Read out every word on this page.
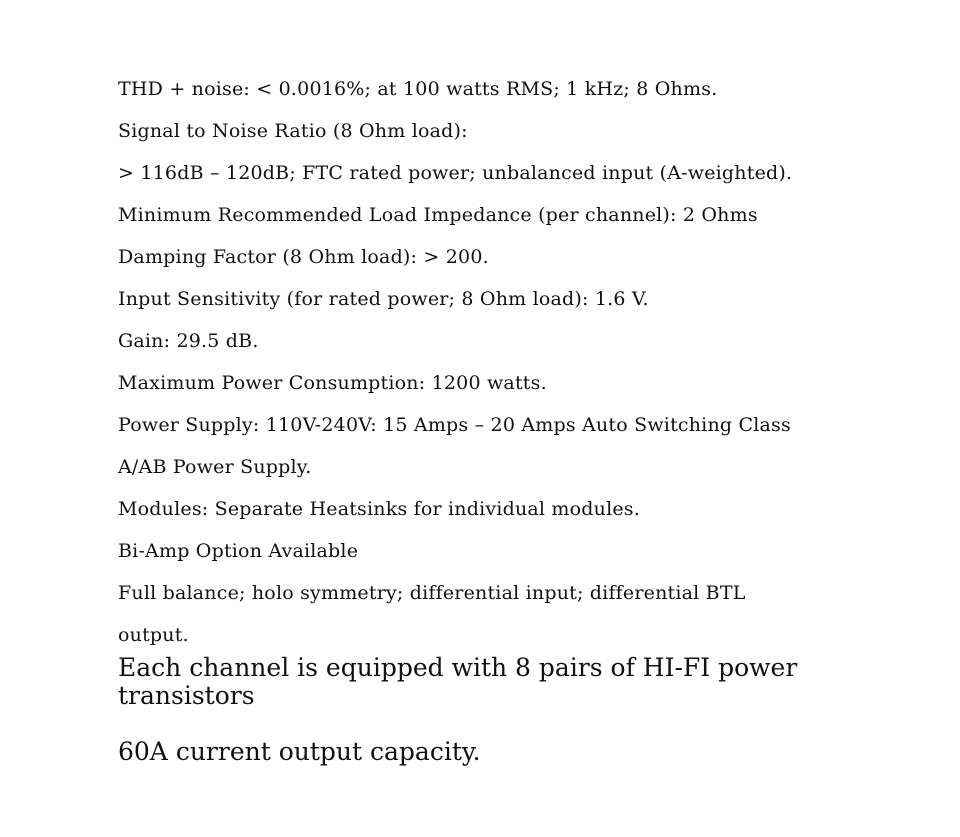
THD + noise: < 0.0016%; at 100 watts RMS; 1 kHz; 8 Ohms.
Signal to Noise Ratio (8 Ohm load):
> 116dB – 120dB; FTC rated power; unbalanced input (A-weighted).
Minimum Recommended Load Impedance (per channel): 2 Ohms
Damping Factor (8 Ohm load): > 200.
Input Sensitivity (for rated power; 8 Ohm load): 1.6 V.
Gain: 29.5 dB.
Maximum Power Consumption: 1200 watts.
Power Supply: 110V-240V: 15 Amps – 20 Amps Auto Switching Class
A/AB Power Supply.
Modules: Separate Heatsinks for individual modules.
Bi-Amp Option Available
Full balance; holo symmetry; differential input; differential BTL
output.

Each channel is equipped with 8 pairs of HI-FI power transistors

60A current output capacity.
